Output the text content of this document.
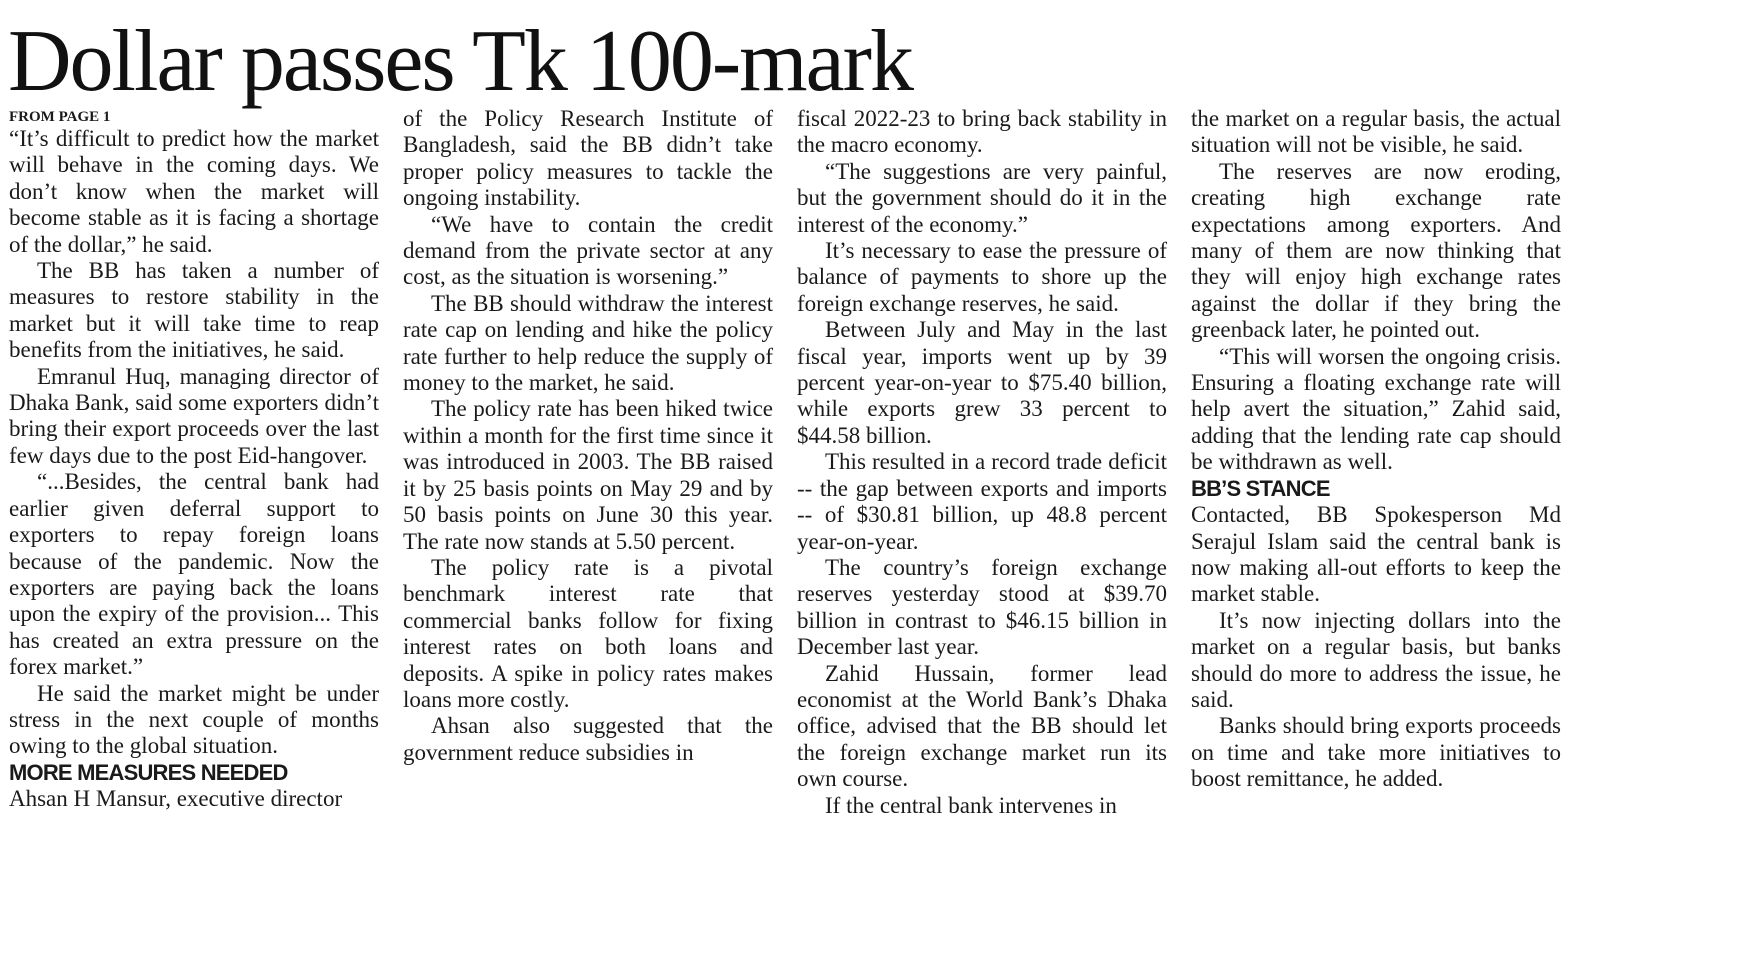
Dollar passes Tk 100-mark
FROM PAGE 1

“It’s difficult to predict how the market will behave in the coming days. We don’t know when the market will become stable as it is facing a shortage of the dollar,” he said.

The BB has taken a number of measures to restore stability in the market but it will take time to reap benefits from the initiatives, he said.

Emranul Huq, managing director of Dhaka Bank, said some exporters didn’t bring their export proceeds over the last few days due to the post Eid-hangover.

“...Besides, the central bank had earlier given deferral support to exporters to repay foreign loans because of the pandemic. Now the exporters are paying back the loans upon the expiry of the provision... This has created an extra pressure on the forex market.”

He said the market might be under stress in the next couple of months owing to the global situation.

MORE MEASURES NEEDED

Ahsan H Mansur, executive director

of the Policy Research Institute of Bangladesh, said the BB didn’t take proper policy measures to tackle the ongoing instability.

“We have to contain the credit demand from the private sector at any cost, as the situation is worsening.”

The BB should withdraw the interest rate cap on lending and hike the policy rate further to help reduce the supply of money to the market, he said.

The policy rate has been hiked twice within a month for the first time since it was introduced in 2003. The BB raised it by 25 basis points on May 29 and by 50 basis points on June 30 this year. The rate now stands at 5.50 percent.

The policy rate is a pivotal benchmark interest rate that commercial banks follow for fixing interest rates on both loans and deposits. A spike in policy rates makes loans more costly.

Ahsan also suggested that the government reduce subsidies in

fiscal 2022-23 to bring back stability in the macro economy.

“The suggestions are very painful, but the government should do it in the interest of the economy.”

It’s necessary to ease the pressure of balance of payments to shore up the foreign exchange reserves, he said.

Between July and May in the last fiscal year, imports went up by 39 percent year-on-year to $75.40 billion, while exports grew 33 percent to $44.58 billion.

This resulted in a record trade deficit -- the gap between exports and imports -- of $30.81 billion, up 48.8 percent year-on-year.

The country’s foreign exchange reserves yesterday stood at $39.70 billion in contrast to $46.15 billion in December last year.

Zahid Hussain, former lead economist at the World Bank’s Dhaka office, advised that the BB should let the foreign exchange market run its own course.

If the central bank intervenes in

the market on a regular basis, the actual situation will not be visible, he said.

The reserves are now eroding, creating high exchange rate expectations among exporters. And many of them are now thinking that they will enjoy high exchange rates against the dollar if they bring the greenback later, he pointed out.

“This will worsen the ongoing crisis. Ensuring a floating exchange rate will help avert the situation,” Zahid said, adding that the lending rate cap should be withdrawn as well.

BB’S STANCE

Contacted, BB Spokesperson Md Serajul Islam said the central bank is now making all-out efforts to keep the market stable.

It’s now injecting dollars into the market on a regular basis, but banks should do more to address the issue, he said.

Banks should bring exports proceeds on time and take more initiatives to boost remittance, he added.
